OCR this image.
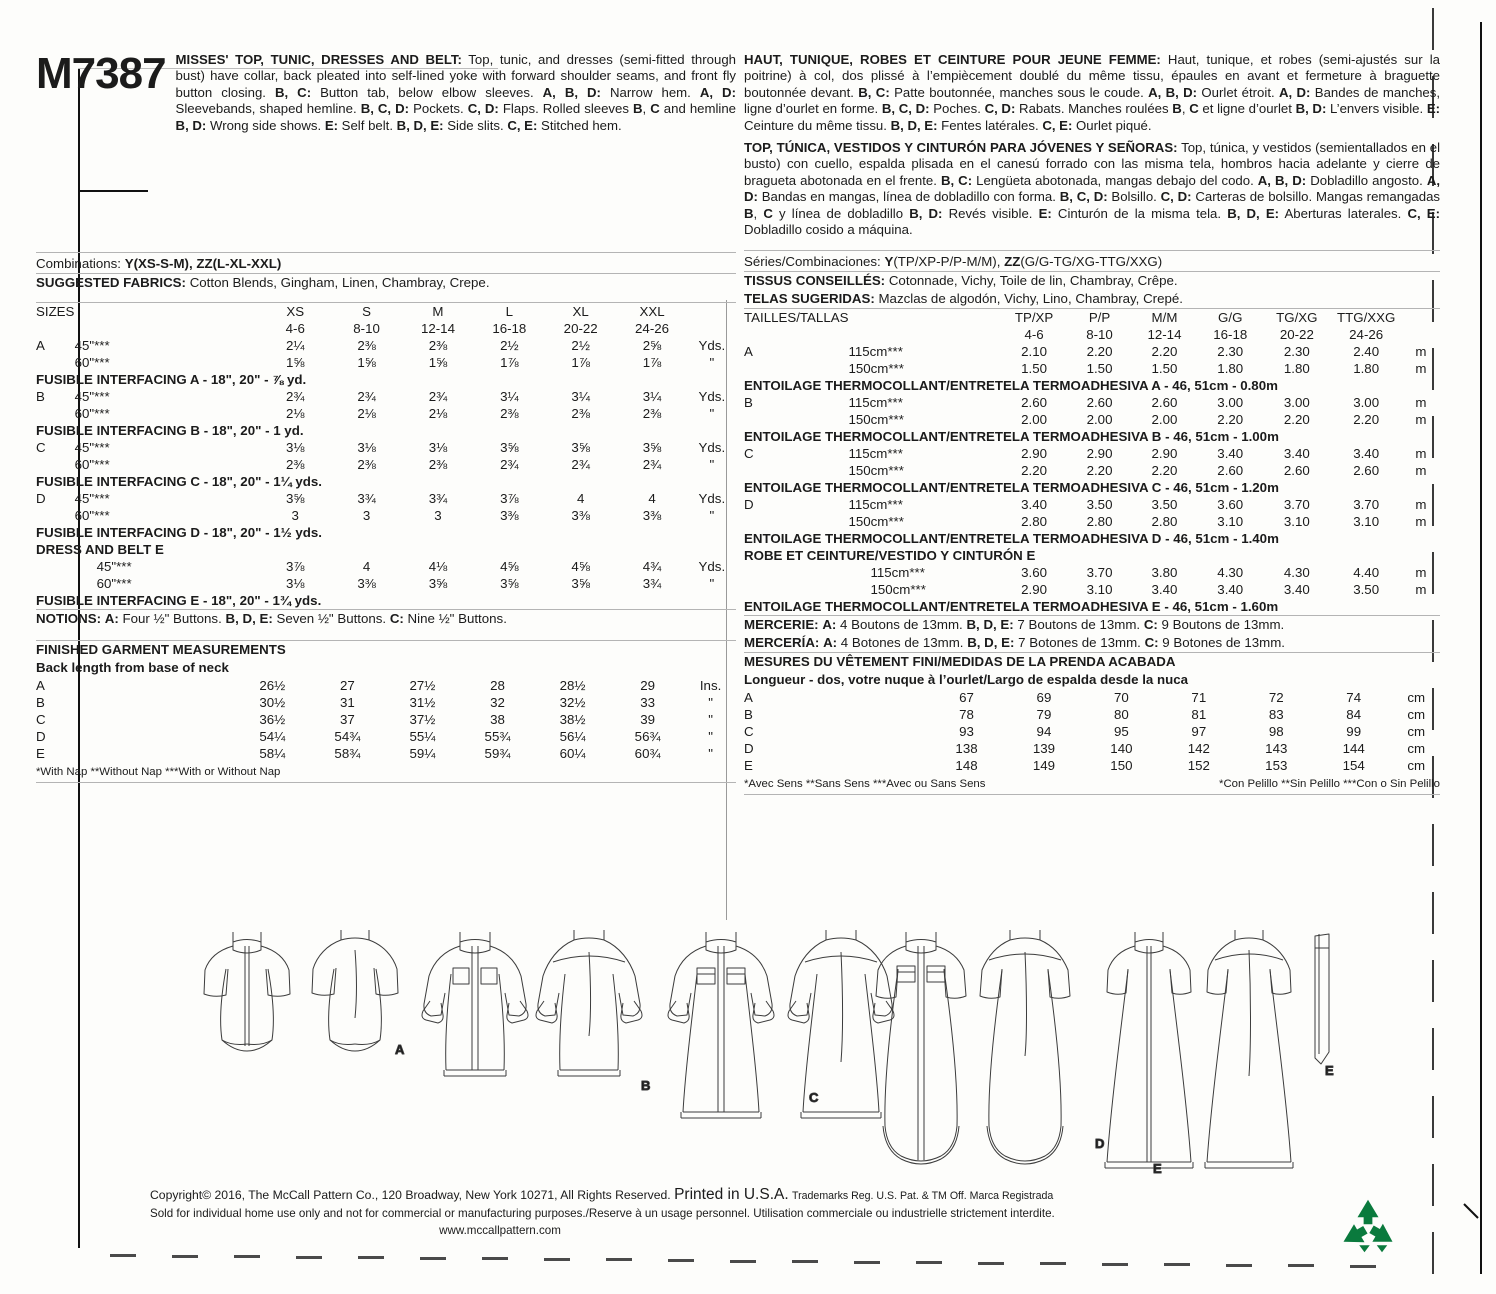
M7387 MISSES' TOP, TUNIC, DRESSES AND BELT: Top, tunic, and dresses (semi-fitted through bust) have collar, back pleated into self-lined yoke with forward shoulder seams, and front fly button closing. B, C: Button tab, below elbow sleeves. A, B, D: Narrow hem. A, D: Sleevebands, shaped hemline. B, C, D: Pockets. C, D: Flaps. Rolled sleeves B, C and hemline B, D: Wrong side shows. E: Self belt. B, D, E: Side slits. C, E: Stitched hem.
Combinations: Y(XS-S-M), ZZ(L-XL-XXL)
SUGGESTED FABRICS: Cotton Blends, Gingham, Linen, Chambray, Crepe.
SIZES		XS	S	M	L	XL	XXL	
		4-6	8-10	12-14	16-18	20-22	24-26	
A	45"***	2¼	2⅜	2⅜	2½	2½	2⅝	Yds.
	60"***	1⅝	1⅝	1⅝	1⅞	1⅞	1⅞	"
FUSIBLE INTERFACING A - 18", 20" - ⅞ yd.								
B	45"***	2¾	2¾	2¾	3¼	3¼	3¼	Yds.
	60"***	2⅛	2⅛	2⅛	2⅜	2⅜	2⅜	"
FUSIBLE INTERFACING B - 18", 20" - 1 yd.								
C	45"***	3⅛	3⅛	3⅛	3⅝	3⅝	3⅝	Yds.
	60"***	2⅜	2⅜	2⅜	2¾	2¾	2¾	"
FUSIBLE INTERFACING C - 18", 20" - 1¼ yds.								
D	45"***	3⅝	3¾	3¾	3⅞	4	4	Yds.
	60"***	3	3	3	3⅜	3⅜	3⅜	"
FUSIBLE INTERFACING D - 18", 20" - 1½ yds.								
DRESS AND BELT E								
	45"***	3⅞	4	4⅛	4⅝	4⅝	4¾	Yds.
	60"***	3⅛	3⅜	3⅝	3⅝	3⅝	3¾	"
FUSIBLE INTERFACING E - 18", 20" - 1¾ yds.								
NOTIONS: A: Four ½" Buttons. B, D, E: Seven ½" Buttons. C: Nine ½" Buttons.
FINISHED GARMENT MEASUREMENTS
Back length from base of neck
A		26½	27	27½	28	28½	29	Ins.
B		30½	31	31½	32	32½	33	"
C		36½	37	37½	38	38½	39	"
D		54¼	54¾	55¼	55¾	56¼	56¾	"
E		58¼	58¾	59¼	59¾	60¼	60¾	"
*With Nap **Without Nap ***With or Without Nap
HAUT, TUNIQUE, ROBES ET CEINTURE POUR JEUNE FEMME: Haut, tunique, et robes (semi-ajustés sur la poitrine) à col, dos plissé à l’empiècement doublé du même tissu, épaules en avant et fermeture à braguette boutonnée devant. B, C: Patte boutonnée, manches sous le coude. A, B, D: Ourlet étroit. A, D: Bandes de manches, ligne d’ourlet en forme. B, C, D: Poches. C, D: Rabats. Manches roulées B, C et ligne d’ourlet B, D: L’envers visible. E: Ceinture du même tissu. B, D, E: Fentes latérales. C, E: Ourlet piqué.
TOP, TÚNICA, VESTIDOS Y CINTURÓN PARA JÓVENES Y SEÑORAS: Top, túnica, y vestidos (semientallados en el busto) con cuello, espalda plisada en el canesú forrado con las misma tela, hombros hacia adelante y cierre de bragueta abotonada en el frente. B, C: Lengüeta abotonada, mangas debajo del codo. A, B, D: Dobladillo angosto. A, D: Bandas en mangas, línea de dobladillo con forma. B, C, D: Bolsillo. C, D: Carteras de bolsillo. Mangas remangadas B, C y línea de dobladillo B, D: Revés visible. E: Cinturón de la misma tela. B, D, E: Aberturas laterales. C, E: Dobladillo cosido a máquina.
Séries/Combinaciones: Y(TP/XP-P/P-M/M), ZZ(G/G-TG/XG-TTG/XXG)
TISSUS CONSEILLÉS: Cotonnade, Vichy, Toile de lin, Chambray, Crêpe.
TELAS SUGERIDAS: Mazclas de algodón, Vichy, Lino, Chambray, Crepé.
TAILLES/TALLAS		TP/XP	P/P	M/M	G/G	TG/XG	TTG/XXG	
		4-6	8-10	12-14	16-18	20-22	24-26	
A	115cm***	2.10	2.20	2.20	2.30	2.30	2.40	m
	150cm***	1.50	1.50	1.50	1.80	1.80	1.80	m
ENTOILAGE THERMOCOLLANT/ENTRETELA TERMOADHESIVA A - 46, 51cm - 0.80m								
B	115cm***	2.60	2.60	2.60	3.00	3.00	3.00	m
	150cm***	2.00	2.00	2.00	2.20	2.20	2.20	m
ENTOILAGE THERMOCOLLANT/ENTRETELA TERMOADHESIVA B - 46, 51cm - 1.00m								
C	115cm***	2.90	2.90	2.90	3.40	3.40	3.40	m
	150cm***	2.20	2.20	2.20	2.60	2.60	2.60	m
ENTOILAGE THERMOCOLLANT/ENTRETELA TERMOADHESIVA C - 46, 51cm - 1.20m								
D	115cm***	3.40	3.50	3.50	3.60	3.70	3.70	m
	150cm***	2.80	2.80	2.80	3.10	3.10	3.10	m
ENTOILAGE THERMOCOLLANT/ENTRETELA TERMOADHESIVA D - 46, 51cm - 1.40m								
ROBE ET CEINTURE/VESTIDO Y CINTURÓN E								
	115cm***	3.60	3.70	3.80	4.30	4.30	4.40	m
	150cm***	2.90	3.10	3.40	3.40	3.40	3.50	m
ENTOILAGE THERMOCOLLANT/ENTRETELA TERMOADHESIVA E - 46, 51cm - 1.60m								
MERCERIE: A: 4 Boutons de 13mm. B, D, E: 7 Boutons de 13mm. C: 9 Boutons de 13mm.
MERCERÍA: A: 4 Botones de 13mm. B, D, E: 7 Botones de 13mm. C: 9 Botones de 13mm.
MESURES DU VÊTEMENT FINI/MEDIDAS DE LA PRENDA ACABADA
Longueur - dos, votre nuque à l’ourlet/Largo de espalda desde la nuca
A		67	69	70	71	72	74	cm
B		78	79	80	81	83	84	cm
C		93	94	95	97	98	99	cm
D		138	139	140	142	143	144	cm
E		148	149	150	152	153	154	cm
*Avec Sens **Sans Sens ***Avec ou Sans Sens	*Con Pelillo **Sin Pelillo ***Con o Sin Pelillo
A
B
C
D
E
E
Copyright© 2016, The McCall Pattern Co., 120 Broadway, New York 10271, All Rights Reserved. Printed in U.S.A. Trademarks Reg. U.S. Pat. & TM Off. Marca Registrada
Sold for individual home use only and not for commercial or manufacturing purposes./Reserve à un usage personnel. Utilisation commerciale ou industrielle strictement interdite.
www.mccallpattern.com
